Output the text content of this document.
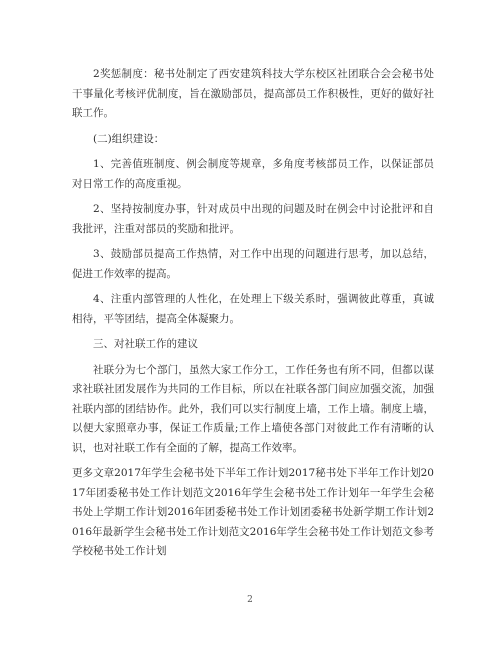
2奖惩制度：秘书处制定了西安建筑科技大学东校区社团联合会会秘书处干事量化考核评优制度，旨在激励部员，提高部员工作积极性，更好的做好社联工作。

(二)组织建设：

1、完善值班制度、例会制度等规章，多角度考核部员工作，以保证部员对日常工作的高度重视。

2、坚持按制度办事，针对成员中出现的问题及时在例会中讨论批评和自我批评，注重对部员的奖励和批评。

3、鼓励部员提高工作热情，对工作中出现的问题进行思考，加以总结，促进工作效率的提高。

4、注重内部管理的人性化，在处理上下级关系时，强调彼此尊重，真诚相待，平等团结，提高全体凝聚力。

三、对社联工作的建议

社联分为七个部门，虽然大家工作分工，工作任务也有所不同，但都以谋求社联社团发展作为共同的工作目标，所以在社联各部门间应加强交流，加强社联内部的团结协作。此外，我们可以实行制度上墙，工作上墙。制度上墙，以便大家照章办事，保证工作质量;工作上墙使各部门对彼此工作有清晰的认识，也对社联工作有全面的了解，提高工作效率。

更多文章2017年学生会秘书处下半年工作计划2017秘书处下半年工作计划2017年团委秘书处工作计划范文2016年学生会秘书处工作计划年一年学生会秘书处上学期工作计划2016年团委秘书处工作计划团委秘书处新学期工作计划2016年最新学生会秘书处工作计划范文2016年学生会秘书处工作计划范文参考学校秘书处工作计划

2
